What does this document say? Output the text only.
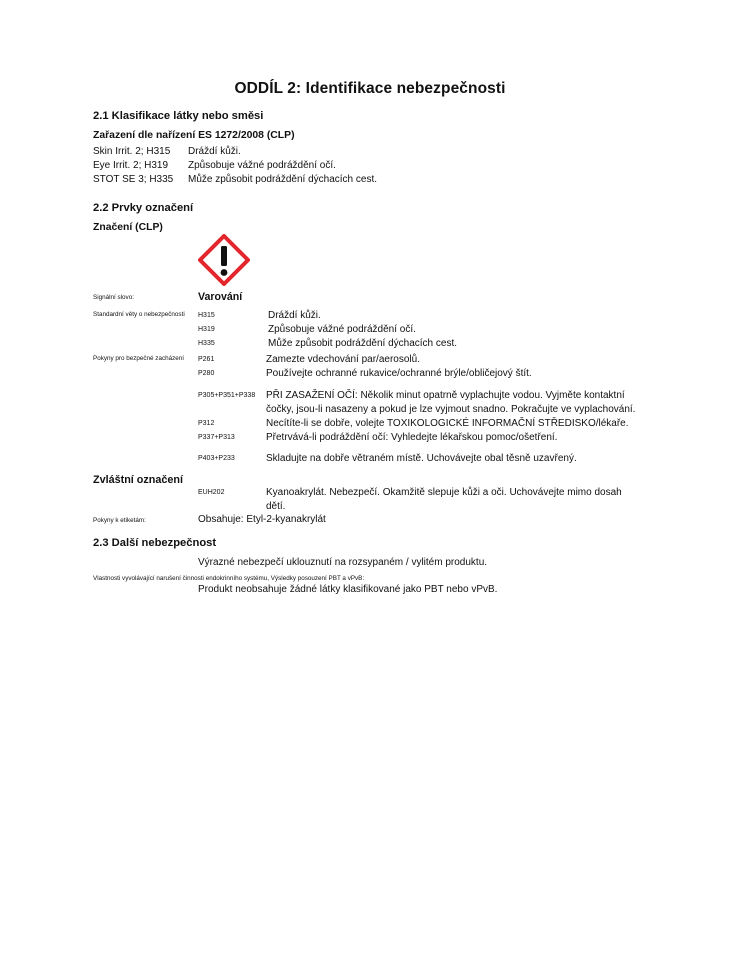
ODDÍL 2: Identifikace nebezpečnosti
2.1 Klasifikace látky nebo směsi
Zařazení dle nařízení ES 1272/2008 (CLP)
Skin Irrit. 2; H315 Dráždí kůži.
Eye Irrit. 2; H319 Způsobuje vážné podráždění očí.
STOT SE 3; H335 Může způsobit podráždění dýchacích cest.
2.2 Prvky označení
Značení (CLP)
Signální slovo:	Varování
Standardní věty o nebezpečnosti H315	Dráždí kůži.
H319	Způsobuje vážné podráždění očí.
H335	Může způsobit podráždění dýchacích cest.
Pokyny pro bezpečné zacházení P261	Zamezte vdechování par/aerosolů.
P280	Používejte ochranné rukavice/ochranné brýle/obličejový štít.
P305+P351+P338 PŘI ZASAŽENÍ OČÍ: Několik minut opatrně vyplachujte vodou. Vyjměte kontaktní
čočky, jsou-li nasazeny a pokud je lze vyjmout snadno. Pokračujte ve vyplachování.
P312	Necítíte-li se dobře, volejte TOXIKOLOGICKÉ INFORMAČNÍ STŘEDISKO/lékaře.
P337+P313	Přetrvává-li podráždění očí: Vyhledejte lékařskou pomoc/ošetření.
P403+P233	Skladujte na dobře větraném místě. Uchovávejte obal těsně uzavřený.
Zvláštní označení
EUH202	Kyanoakrylát. Nebezpečí. Okamžitě slepuje kůži a oči. Uchovávejte mimo dosah
dětí.
Pokyny k etiketám:	Obsahuje: Etyl-2-kyanakrylát
2.3 Další nebezpečnost
Výrazné nebezpečí uklouznutí na rozsypaném / vylitém produktu.
Vlastnosti vyvolávající narušení činnosti endokrinního systému, Výsledky posouzení PBT a vPvB:
Produkt neobsahuje žádné látky klasifikované jako PBT nebo vPvB.
